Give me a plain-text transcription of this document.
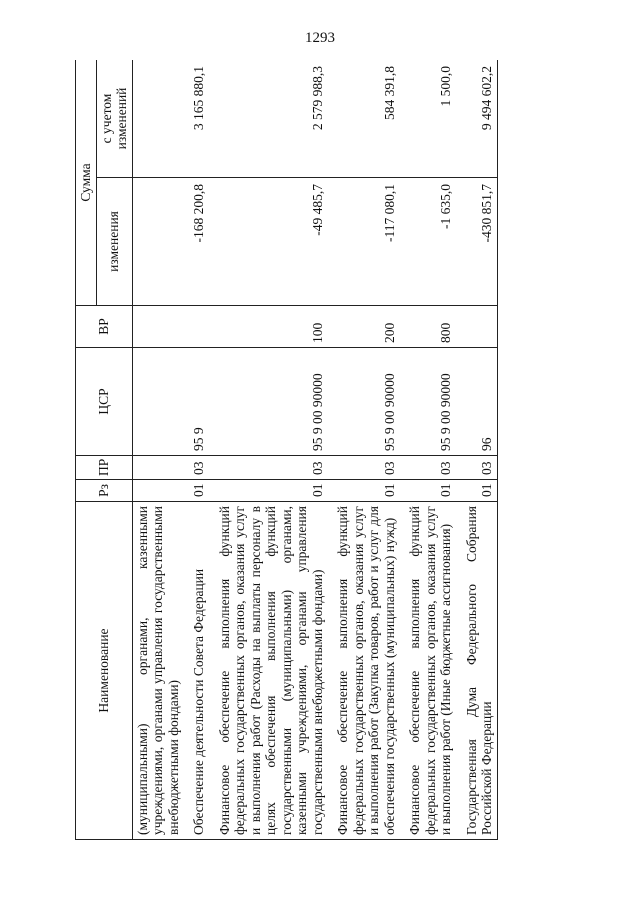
1293
Наименование	Рз	ПР	ЦСР	ВР	Сумма	
					изменения	с учетом изменений
(муниципальными) органами, казенными учреждениями, органами управления государственными внебюджетными фондами)						

Обеспечение деятельности Совета Федерации	01	03	95 9		-168 200,8	3 165 880,1

Финансовое обеспечение выполнения функций федеральных государственных органов, оказания услуг и выполнения работ (Расходы на выплаты персоналу в целях обеспечения выполнения функций государственными (муниципальными) органами, казенными учреждениями, органами управления государственными внебюджетными фондами)	01	03	95 9 00 90000	100	-49 485,7	2 579 988,3

Финансовое обеспечение выполнения функций федеральных государственных органов, оказания услуг и выполнения работ (Закупка товаров, работ и услуг для обеспечения государственных (муниципальных) нужд)	01	03	95 9 00 90000	200	-117 080,1	584 391,8

Финансовое обеспечение выполнения функций федеральных государственных органов, оказания услуг и выполнения работ (Иные бюджетные ассигнования)	01	03	95 9 00 90000	800	-1 635,0	1 500,0

Государственная Дума Федерального Собрания Российской Федерации	01	03	96		-430 851,7	9 494 602,2
